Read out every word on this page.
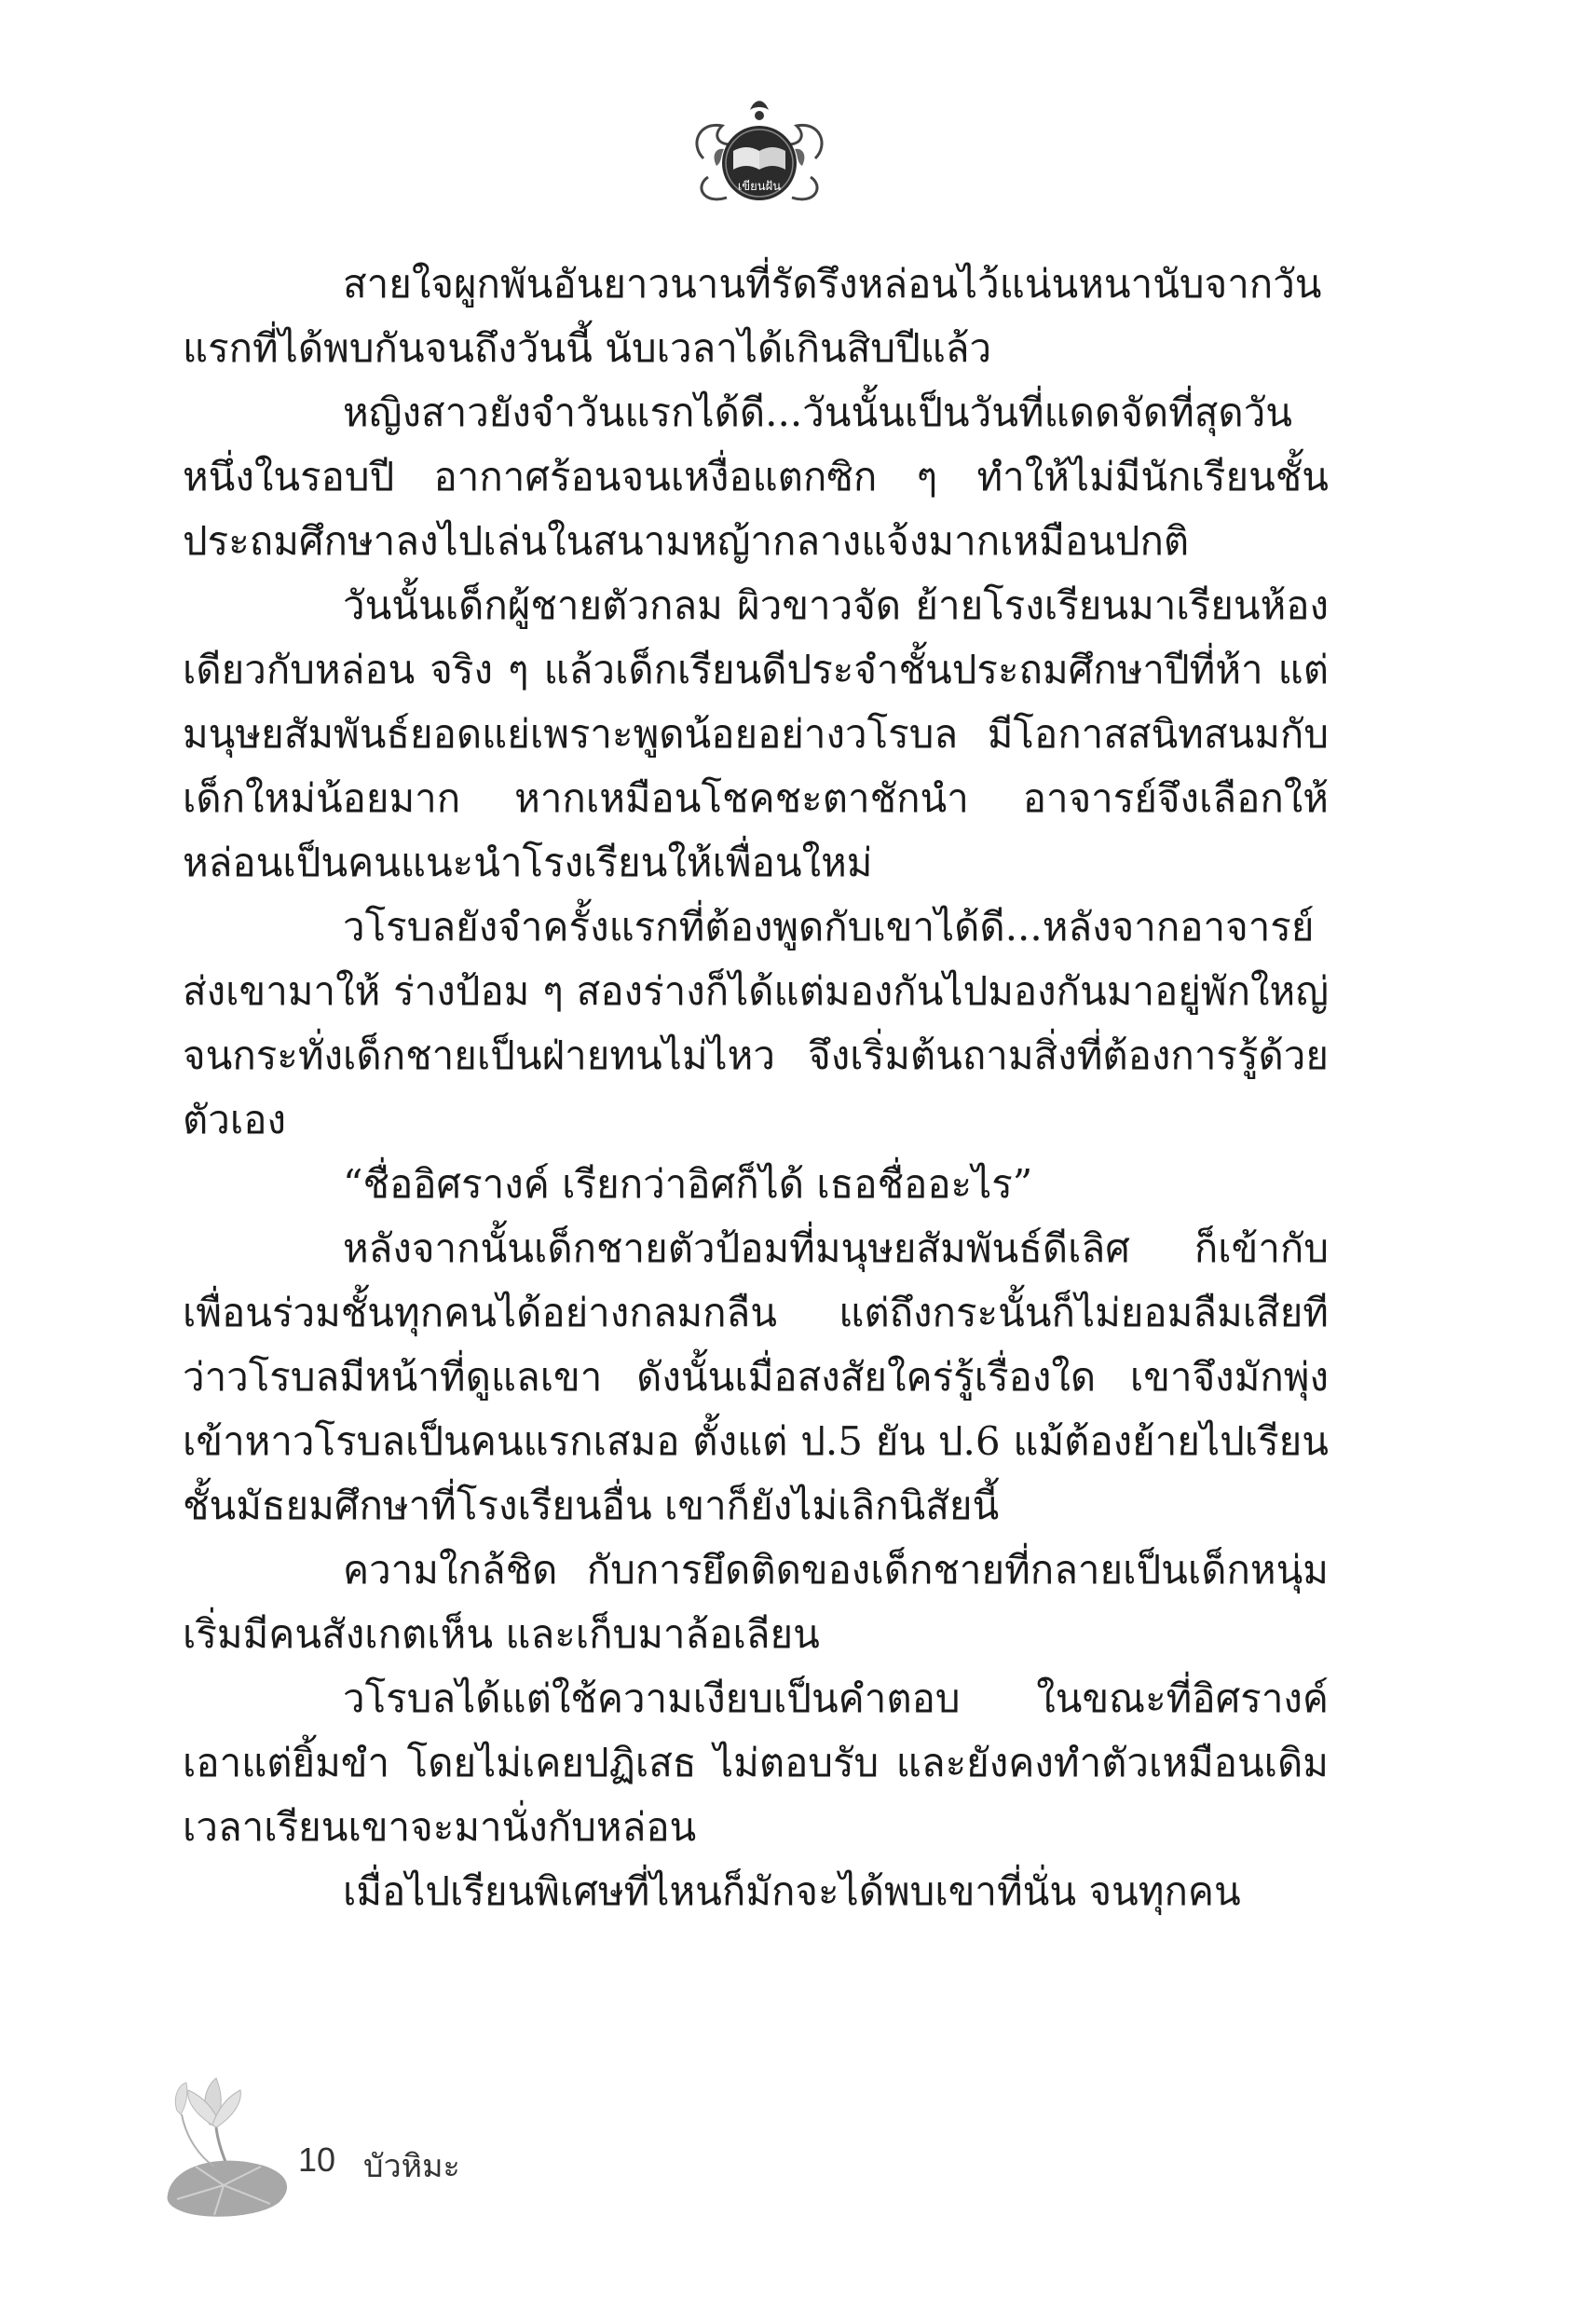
เขียนฝัน

สายใจผูกพันอันยาวนานที่รัดรึงหล่อนไว้แน่นหนานับจากวันแรกที่ได้พบกันจนถึงวันนี้ นับเวลาได้เกินสิบปีแล้ว

หญิงสาวยังจำวันแรกได้ดี...วันนั้นเป็นวันที่แดดจัดที่สุดวันหนึ่งในรอบปี อากาศร้อนจนเหงื่อแตกซิก ๆ ทำให้ไม่มีนักเรียนชั้นประถมศึกษาลงไปเล่นในสนามหญ้ากลางแจ้งมากเหมือนปกติ

วันนั้นเด็กผู้ชายตัวกลม ผิวขาวจัด ย้ายโรงเรียนมาเรียนห้องเดียวกับหล่อน จริง ๆ แล้วเด็กเรียนดีประจำชั้นประถมศึกษาปีที่ห้า แต่มนุษยสัมพันธ์ยอดแย่เพราะพูดน้อยอย่างวโรบล มีโอกาสสนิทสนมกับเด็กใหม่น้อยมาก หากเหมือนโชคชะตาชักนำ อาจารย์จึงเลือกให้หล่อนเป็นคนแนะนำโรงเรียนให้เพื่อนใหม่

วโรบลยังจำครั้งแรกที่ต้องพูดกับเขาได้ดี...หลังจากอาจารย์ส่งเขามาให้ ร่างป้อม ๆ สองร่างก็ได้แต่มองกันไปมองกันมาอยู่พักใหญ่จนกระทั่งเด็กชายเป็นฝ่ายทนไม่ไหว จึงเริ่มต้นถามสิ่งที่ต้องการรู้ด้วยตัวเอง

“ชื่ออิศรางค์ เรียกว่าอิศก็ได้ เธอชื่ออะไร”

หลังจากนั้นเด็กชายตัวป้อมที่มนุษยสัมพันธ์ดีเลิศ ก็เข้ากับเพื่อนร่วมชั้นทุกคนได้อย่างกลมกลืน แต่ถึงกระนั้นก็ไม่ยอมลืมเสียทีว่าวโรบลมีหน้าที่ดูแลเขา ดังนั้นเมื่อสงสัยใคร่รู้เรื่องใด เขาจึงมักพุ่งเข้าหาวโรบลเป็นคนแรกเสมอ ตั้งแต่ ป.5 ยัน ป.6 แม้ต้องย้ายไปเรียนชั้นมัธยมศึกษาที่โรงเรียนอื่น เขาก็ยังไม่เลิกนิสัยนี้

ความใกล้ชิด กับการยึดติดของเด็กชายที่กลายเป็นเด็กหนุ่มเริ่มมีคนสังเกตเห็น และเก็บมาล้อเลียน

วโรบลได้แต่ใช้ความเงียบเป็นคำตอบ ในขณะที่อิศรางค์เอาแต่ยิ้มขำ โดยไม่เคยปฏิเสธ ไม่ตอบรับ และยังคงทำตัวเหมือนเดิมเวลาเรียนเขาจะมานั่งกับหล่อน

เมื่อไปเรียนพิเศษที่ไหนก็มักจะได้พบเขาที่นั่น จนทุกคน

10 บัวหิมะ
